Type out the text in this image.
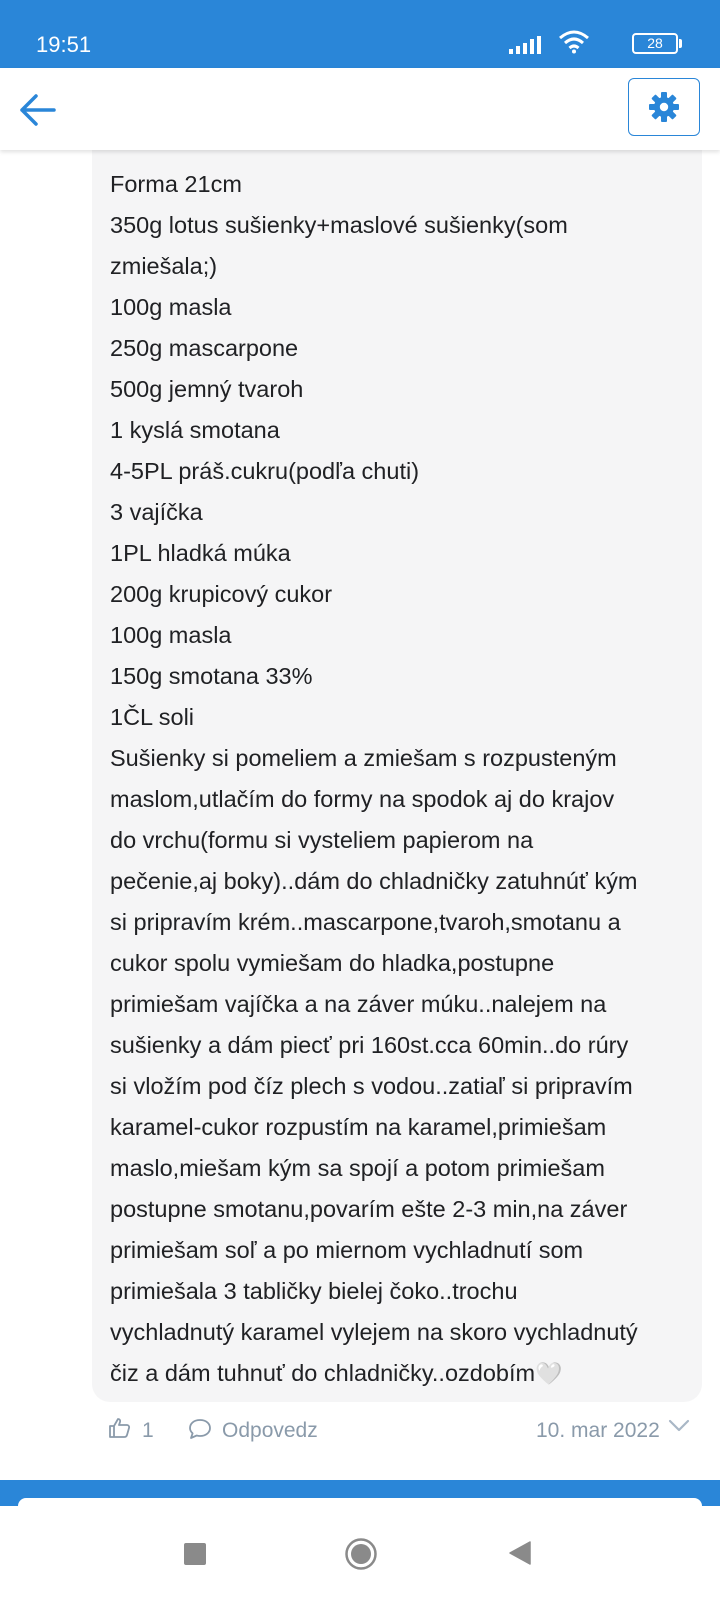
19:51	28
Forma 21cm
350g lotus sušienky+maslové sušienky(som
zmiešala;)
100g masla
250g mascarpone
500g jemný tvaroh
1 kyslá smotana
4-5PL práš.cukru(podľa chuti)
3 vajíčka
1PL hladká múka
200g krupicový cukor
100g masla
150g smotana 33%
1ČL soli
Sušienky si pomeliem a zmiešam s rozpusteným
maslom,utlačím do formy na spodok aj do krajov
do vrchu(formu si vysteliem papierom na
pečenie,aj boky)..dám do chladničky zatuhnúť kým
si pripravím krém..mascarpone,tvaroh,smotanu a
cukor spolu vymiešam do hladka,postupne
primiešam vajíčka a na záver múku..nalejem na
sušienky a dám piecť pri 160st.cca 60min..do rúry
si vložím pod číz plech s vodou..zatiaľ si pripravím
karamel-cukor rozpustím na karamel,primiešam
maslo,miešam kým sa spojí a potom primiešam
postupne smotanu,povarím ešte 2-3 min,na záver
primiešam soľ a po miernom vychladnutí som
primiešala 3 tabličky bielej čoko..trochu
vychladnutý karamel vylejem na skoro vychladnutý
čiz a dám tuhnuť do chladničky..ozdobím🤍
1	Odpovedz	10. mar 2022
